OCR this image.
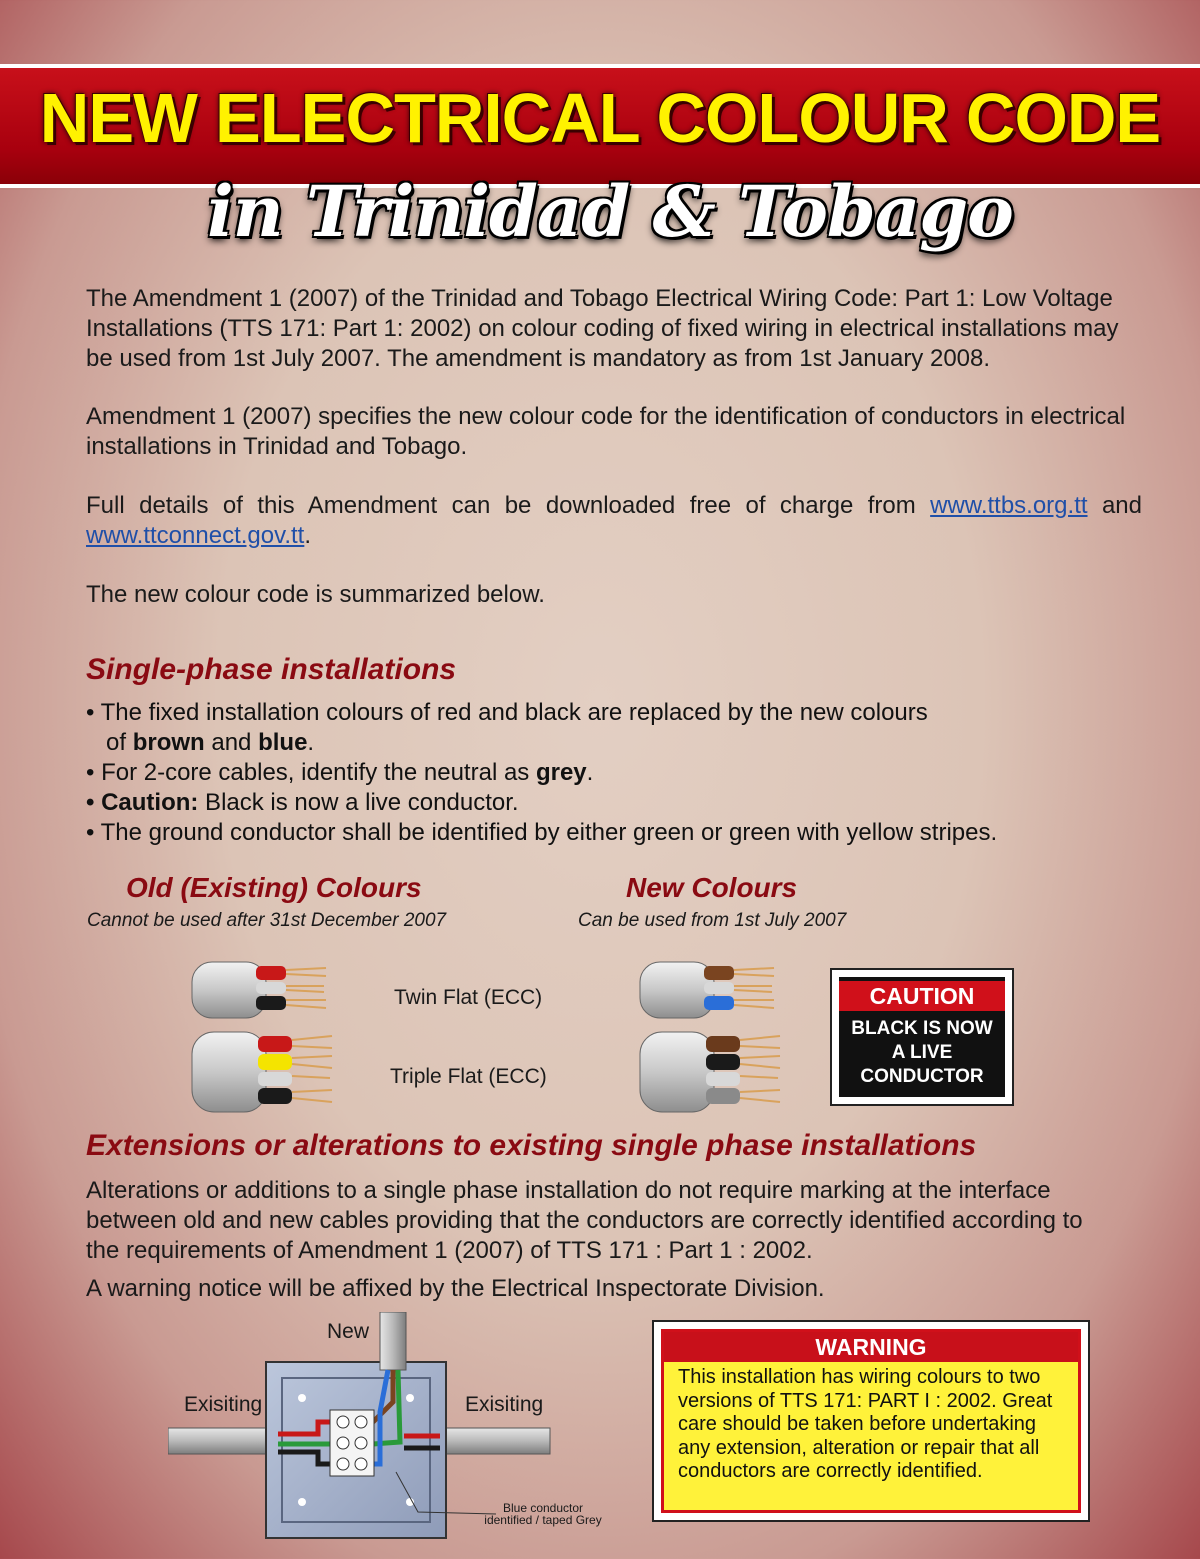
NEW ELECTRICAL COLOUR CODE
in Trinidad & Tobago
The Amendment 1 (2007) of the Trinidad and Tobago Electrical Wiring Code: Part 1: Low Voltage Installations (TTS 171: Part 1: 2002) on colour coding of fixed wiring in electrical installations may be used from 1st July 2007. The amendment is mandatory as from 1st January 2008.
Amendment 1 (2007) specifies the new colour code for the identification of conductors in electrical installations in Trinidad and Tobago.
Full details of this Amendment can be downloaded free of charge from www.ttbs.org.tt and www.ttconnect.gov.tt.
The new colour code is summarized below.
Single-phase installations
• The fixed installation colours of red and black are replaced by the new colours
of brown and blue.
• For 2-core cables, identify the neutral as grey.
• Caution: Black is now a live conductor.
• The ground conductor shall be identified by either green or green with yellow stripes.
Old (Existing) Colours
Cannot be used after 31st December 2007
New Colours
Can be used from 1st July 2007
Twin Flat (ECC)
Triple Flat (ECC)
CAUTION
BLACK IS NOW
A LIVE
CONDUCTOR
Extensions or alterations to existing single phase installations
Alterations or additions to a single phase installation do not require marking at the interface between old and new cables providing that the conductors are correctly identified according to the requirements of Amendment 1 (2007) of TTS 171 : Part 1 : 2002.
A warning notice will be affixed by the Electrical Inspectorate Division.
New
Exisiting	Exisiting
Blue conductor
identified / taped Grey
WARNING
This installation has wiring colours to two versions of TTS 171: PART I : 2002. Great care should be taken before undertaking any extension, alteration or repair that all conductors are correctly identified.
